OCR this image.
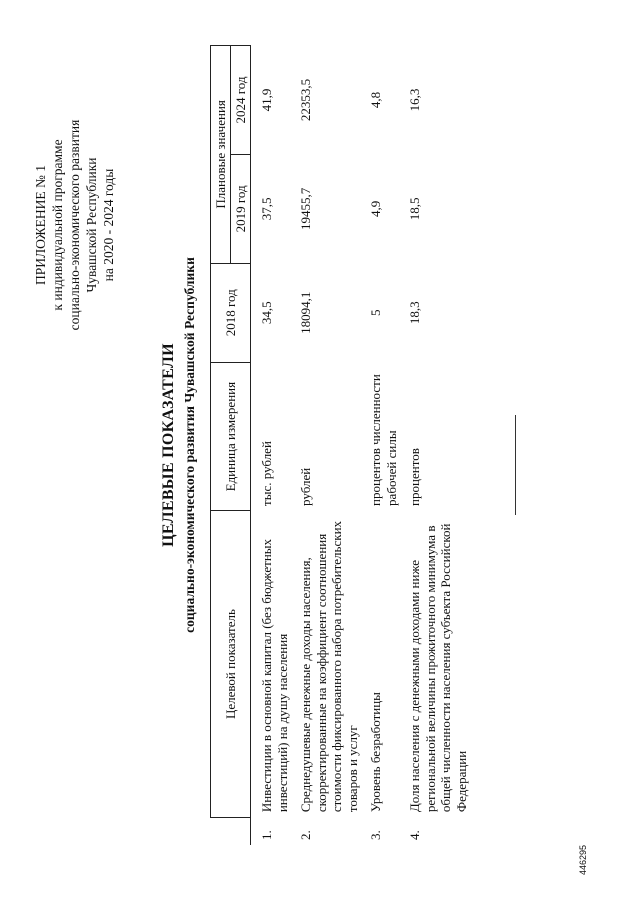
ПРИЛОЖЕНИЕ № 1 к индивидуальной программе социально-экономического развития Чувашской Республики на 2020 - 2024 годы
ЦЕЛЕВЫЕ ПОКАЗАТЕЛИ социально-экономического развития Чувашской Республики
	Целевой показатель	Единица измерения	2018 год	Плановые значения	
				2019 год	2024 год
1.	Инвестиции в основной капитал (без бюджетных инвестиций) на душу населения	тыс. рублей	34,5	37,5	41,9
2.	Среднедушевые денежные доходы населения, скорректированные на коэффициент соотношения стоимости фиксированного набора потребительских товаров и услуг	рублей	18094,1	19455,7	22353,5
3.	Уровень безработицы	процентов численности рабочей силы	5	4,9	4,8
4.	Доля населения с денежными доходами ниже региональной величины прожиточного минимума в общей численности населения субъекта Российской Федерации	процентов	18,3	18,5	16,3
446295
